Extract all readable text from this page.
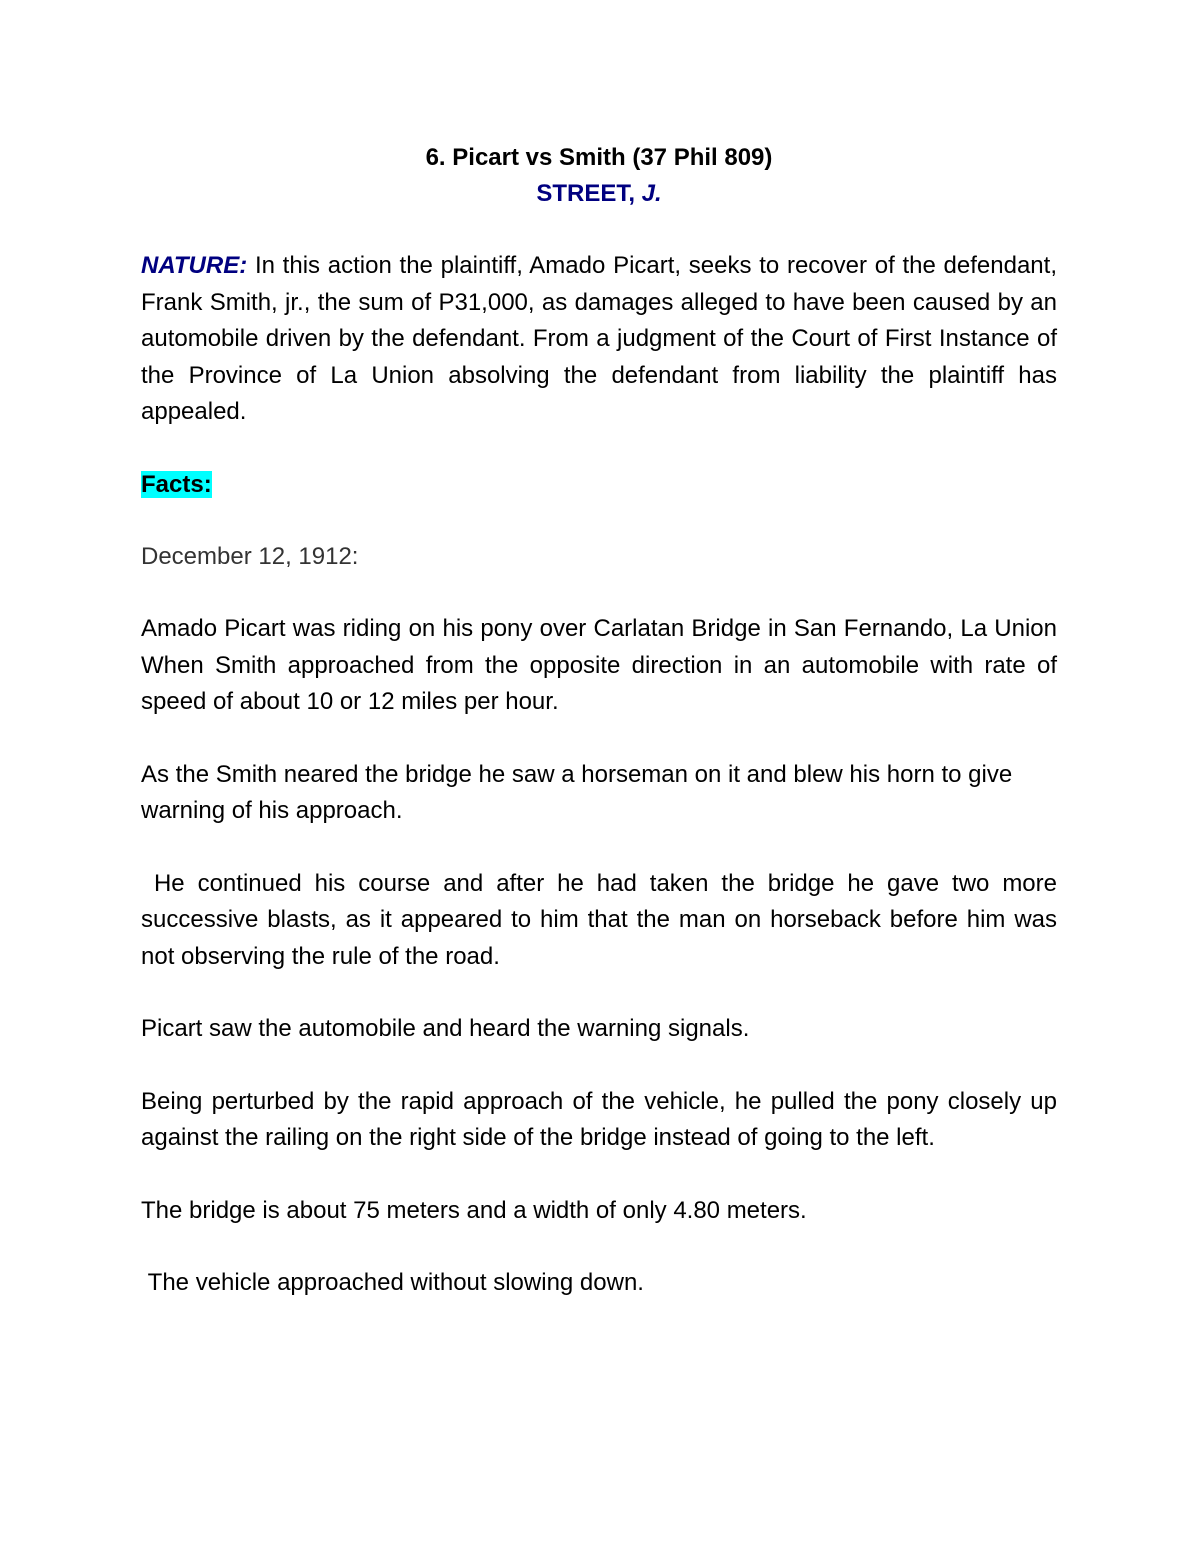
6. Picart vs Smith (37 Phil 809)
STREET, J.

NATURE: In this action the plaintiff, Amado Picart, seeks to recover of the defendant, Frank Smith, jr., the sum of P31,000, as damages alleged to have been caused by an automobile driven by the defendant. From a judgment of the Court of First Instance of the Province of La Union absolving the defendant from liability the plaintiff has appealed.

Facts:

December 12, 1912:

Amado Picart was riding on his pony over Carlatan Bridge in San Fernando, La Union When Smith approached from the opposite direction in an automobile with rate of speed of about 10 or 12 miles per hour.

As the Smith neared the bridge he saw a horseman on it and blew his horn to give warning of his approach.

He continued his course and after he had taken the bridge he gave two more successive blasts, as it appeared to him that the man on horseback before him was not observing the rule of the road.

Picart saw the automobile and heard the warning signals.

Being perturbed by the rapid approach of the vehicle, he pulled the pony closely up against the railing on the right side of the bridge instead of going to the left.

The bridge is about 75 meters and a width of only 4.80 meters.

The vehicle approached without slowing down.
